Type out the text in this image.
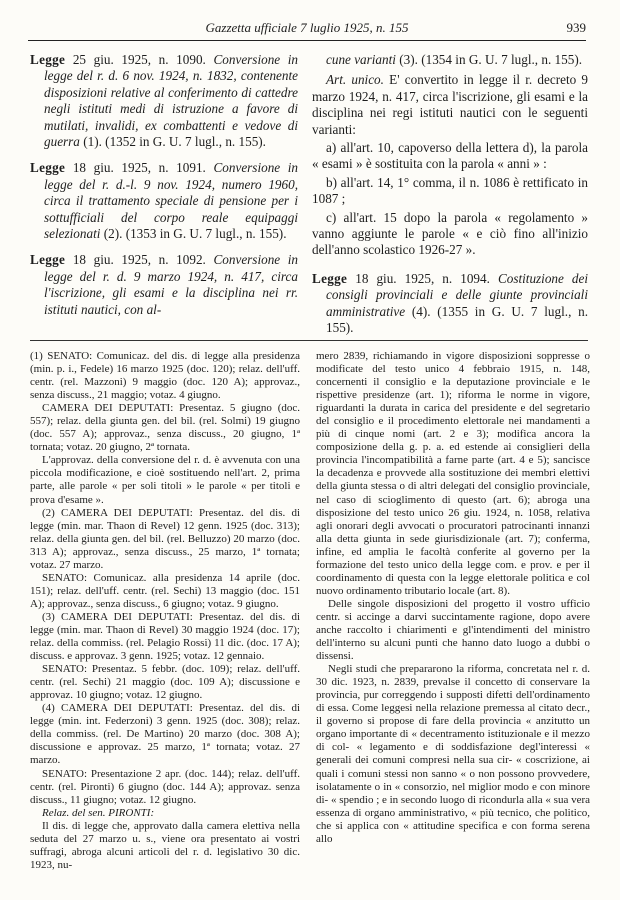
Gazzetta ufficiale 7 luglio 1925, n. 155	939

Legge 25 giu. 1925, n. 1090. Conversione in legge del r. d. 6 nov. 1924, n. 1832, contenente disposizioni relative al conferimento di cattedre negli istituti medi di istruzione a favore di mutilati, invalidi, ex combattenti e vedove di guerra (1). (1352 in G. U. 7 lugl., n. 155).

Legge 18 giu. 1925, n. 1091. Conversione in legge del r. d.-l. 9 nov. 1924, numero 1960, circa il trattamento speciale di pensione per i sottufficiali del corpo reale equipaggi selezionati (2). (1353 in G. U. 7 lugl., n. 155).

Legge 18 giu. 1925, n. 1092. Conversione in legge del r. d. 9 marzo 1924, n. 417, circa l'iscrizione, gli esami e la disciplina nei rr. istituti nautici, con al-

cune varianti (3). (1354 in G. U. 7 lugl., n. 155).

Art. unico. E' convertito in legge il r. decreto 9 marzo 1924, n. 417, circa l'iscrizione, gli esami e la disciplina nei regi istituti nautici con le seguenti varianti:

a) all'art. 10, capoverso della lettera d), la parola « esami » è sostituita con la parola « anni » :

b) all'art. 14, 1° comma, il n. 1086 è rettificato in 1087 ;

c) all'art. 15 dopo la parola « regolamento » vanno aggiunte le parole « e ciò fino all'inizio dell'anno scolastico 1926-27 ».

Legge 18 giu. 1925, n. 1094. Costituzione dei consigli provinciali e delle giunte provinciali amministrative (4). (1355 in G. U. 7 lugl., n. 155).

(1) SENATO: Comunicaz. del dis. di legge alla presidenza (min. p. i., Fedele) 16 marzo 1925 (doc. 120); relaz. dell'uff. centr. (rel. Mazzoni) 9 maggio (doc. 120 A); approvaz., senza discuss., 21 maggio; votaz. 4 giugno.

CAMERA DEI DEPUTATI: Presentaz. 5 giugno (doc. 557); relaz. della giunta gen. del bil. (rel. Solmi) 19 giugno (doc. 557 A); approvaz., senza discuss., 20 giugno, 1ª tornata; votaz. 20 giugno, 2ª tornata.

L'approvaz. della conversione del r. d. è avvenuta con una piccola modificazione, e cioè sostituendo nell'art. 2, prima parte, alle parole « per soli titoli » le parole « per titoli e prova d'esame ».

(2) CAMERA DEI DEPUTATI: Presentaz. del dis. di legge (min. mar. Thaon di Revel) 12 genn. 1925 (doc. 313); relaz. della giunta gen. del bil. (rel. Belluzzo) 20 marzo (doc. 313 A); approvaz., senza discuss., 25 marzo, 1ª tornata; votaz. 27 marzo.

SENATO: Comunicaz. alla presidenza 14 aprile (doc. 151); relaz. dell'uff. centr. (rel. Sechi) 13 maggio (doc. 151 A); approvaz., senza discuss., 6 giugno; votaz. 9 giugno.

(3) CAMERA DEI DEPUTATI: Presentaz. del dis. di legge (min. mar. Thaon di Revel) 30 maggio 1924 (doc. 17); relaz. della commiss. (rel. Pelagio Rossi) 11 dic. (doc. 17 A); discuss. e approvaz. 3 genn. 1925; votaz. 12 gennaio.

SENATO: Presentaz. 5 febbr. (doc. 109); relaz. dell'uff. centr. (rel. Sechi) 21 maggio (doc. 109 A); discussione e approvaz. 10 giugno; votaz. 12 giugno.

(4) CAMERA DEI DEPUTATI: Presentaz. del dis. di legge (min. int. Federzoni) 3 genn. 1925 (doc. 308); relaz. della commiss. (rel. De Martino) 20 marzo (doc. 308 A); discussione e approvaz. 25 marzo, 1ª tornata; votaz. 27 marzo.

SENATO: Presentazione 2 apr. (doc. 144); relaz. dell'uff. centr. (rel. Pironti) 6 giugno (doc. 144 A); approvaz. senza discuss., 11 giugno; votaz. 12 giugno.

Relaz. del sen. PIRONTI:

Il dis. di legge che, approvato dalla camera elettiva nella seduta del 27 marzo u. s., viene ora presentato ai vostri suffragi, abroga alcuni articoli del r. d. legislativo 30 dic. 1923, nu-

mero 2839, richiamando in vigore disposizioni soppresse o modificate del testo unico 4 febbraio 1915, n. 148, concernenti il consiglio e la deputazione provinciale e le rispettive presidenze (art. 1); riforma le norme in vigore, riguardanti la durata in carica del presidente e del segretario del consiglio e il procedimento elettorale nei mandamenti a più di cinque nomi (art. 2 e 3); modifica ancora la composizione della g. p. a. ed estende ai consiglieri della provincia l'incompatibilità a farne parte (art. 4 e 5); sancisce la decadenza e provvede alla sostituzione dei membri elettivi della giunta stessa o di altri delegati del consiglio provinciale, nel caso di scioglimento di questo (art. 6); abroga una disposizione del testo unico 26 giu. 1924, n. 1058, relativa agli onorari degli avvocati o procuratori patrocinanti innanzi alla detta giunta in sede giurisdizionale (art. 7); conferma, infine, ed amplia le facoltà conferite al governo per la formazione del testo unico della legge com. e prov. e per il coordinamento di questa con la legge elettorale politica e col nuovo ordinamento tributario locale (art. 8).

Delle singole disposizioni del progetto il vostro ufficio centr. si accinge a darvi succintamente ragione, dopo avere anche raccolto i chiarimenti e gl'intendimenti del ministro dell'interno su alcuni punti che hanno dato luogo a dubbi o dissensi.

Negli studi che prepararono la riforma, concretata nel r. d. 30 dic. 1923, n. 2839, prevalse il concetto di conservare la provincia, pur correggendo i supposti difetti dell'ordinamento di essa. Come leggesi nella relazione premessa al citato decr., il governo si propose di fare della provincia « anzitutto un organo importante di « decentramento istituzionale e il mezzo di col- « legamento e di soddisfazione degl'interessi « generali dei comuni compresi nella sua cir- « coscrizione, ai quali i comuni stessi non sanno « o non possono provvedere, isolatamente o in « consorzio, nel miglior modo e con minore di- « spendio ; e in secondo luogo di ricondurla alla « sua vera essenza di organo amministrativo, « più tecnico, che politico, che si applica con « attitudine specifica e con forma serena allo
